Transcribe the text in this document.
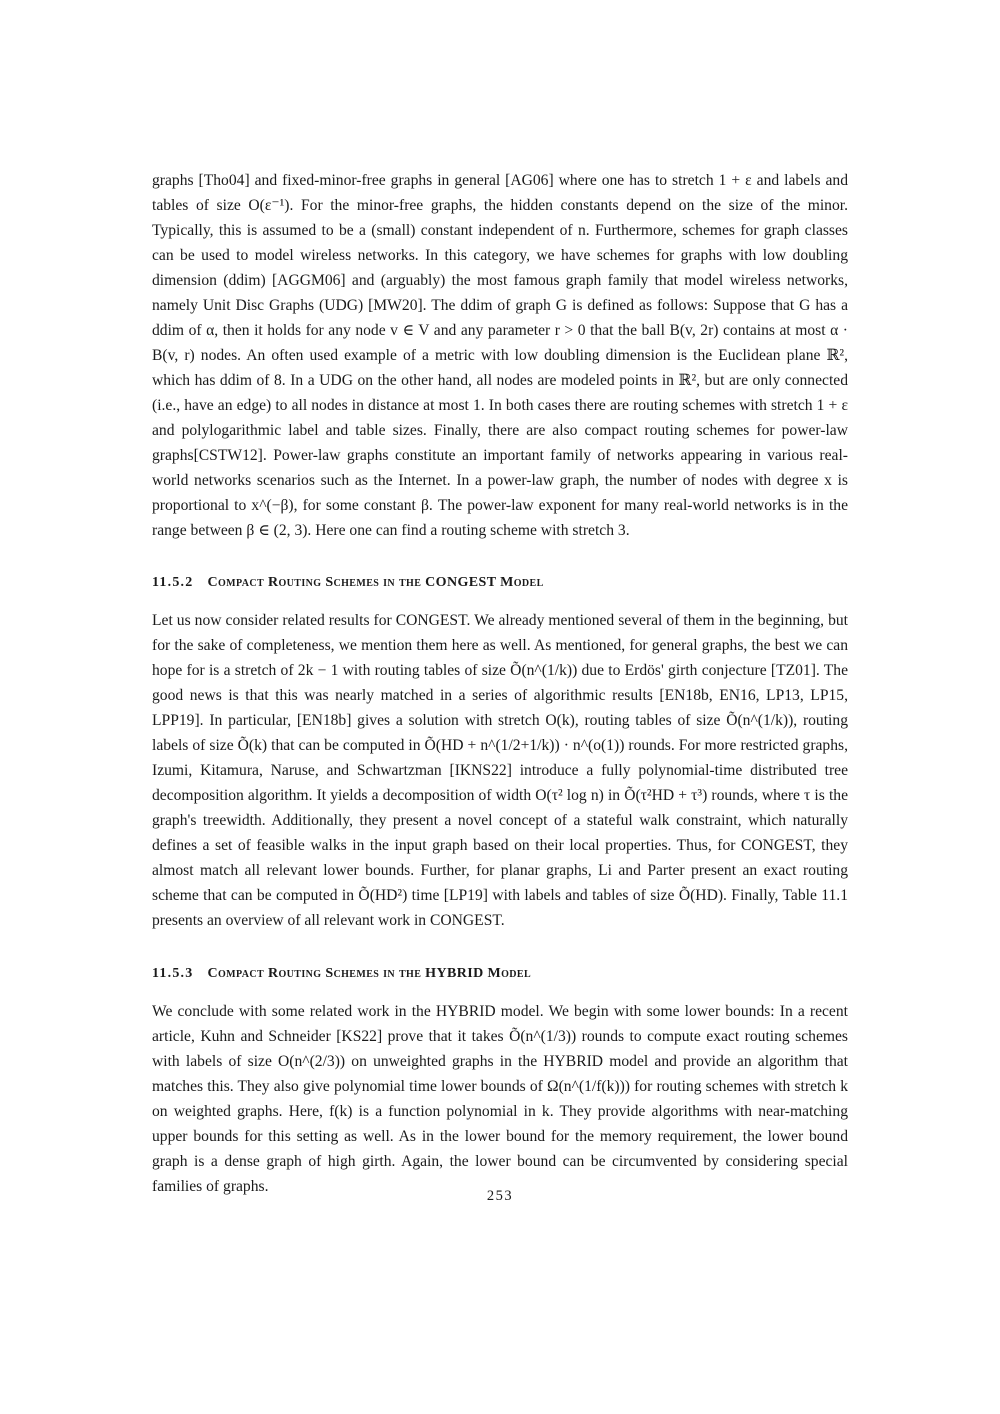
graphs [Tho04] and fixed-minor-free graphs in general [AG06] where one has to stretch 1 + ε and labels and tables of size O(ε⁻¹). For the minor-free graphs, the hidden constants depend on the size of the minor. Typically, this is assumed to be a (small) constant independent of n. Furthermore, schemes for graph classes can be used to model wireless networks. In this category, we have schemes for graphs with low doubling dimension (ddim) [AGGM06] and (arguably) the most famous graph family that model wireless networks, namely Unit Disc Graphs (UDG) [MW20]. The ddim of graph G is defined as follows: Suppose that G has a ddim of α, then it holds for any node v ∈ V and any parameter r > 0 that the ball B(v, 2r) contains at most α · B(v, r) nodes. An often used example of a metric with low doubling dimension is the Euclidean plane ℝ², which has ddim of 8. In a UDG on the other hand, all nodes are modeled points in ℝ², but are only connected (i.e., have an edge) to all nodes in distance at most 1. In both cases there are routing schemes with stretch 1 + ε and polylogarithmic label and table sizes. Finally, there are also compact routing schemes for power-law graphs[CSTW12]. Power-law graphs constitute an important family of networks appearing in various real-world networks scenarios such as the Internet. In a power-law graph, the number of nodes with degree x is proportional to x^(−β), for some constant β. The power-law exponent for many real-world networks is in the range between β ∈ (2, 3). Here one can find a routing scheme with stretch 3.

11.5.2 Compact Routing Schemes in the CONGEST Model

Let us now consider related results for CONGEST. We already mentioned several of them in the beginning, but for the sake of completeness, we mention them here as well. As mentioned, for general graphs, the best we can hope for is a stretch of 2k − 1 with routing tables of size Õ(n^(1/k)) due to Erdös' girth conjecture [TZ01]. The good news is that this was nearly matched in a series of algorithmic results [EN18b, EN16, LP13, LP15, LPP19]. In particular, [EN18b] gives a solution with stretch O(k), routing tables of size Õ(n^(1/k)), routing labels of size Õ(k) that can be computed in Õ(HD + n^(1/2+1/k)) · n^(o(1)) rounds. For more restricted graphs, Izumi, Kitamura, Naruse, and Schwartzman [IKNS22] introduce a fully polynomial-time distributed tree decomposition algorithm. It yields a decomposition of width O(τ² log n) in Õ(τ²HD + τ³) rounds, where τ is the graph's treewidth. Additionally, they present a novel concept of a stateful walk constraint, which naturally defines a set of feasible walks in the input graph based on their local properties. Thus, for CONGEST, they almost match all relevant lower bounds. Further, for planar graphs, Li and Parter present an exact routing scheme that can be computed in Õ(HD²) time [LP19] with labels and tables of size Õ(HD). Finally, Table 11.1 presents an overview of all relevant work in CONGEST.

11.5.3 Compact Routing Schemes in the HYBRID Model

We conclude with some related work in the HYBRID model. We begin with some lower bounds: In a recent article, Kuhn and Schneider [KS22] prove that it takes Õ(n^(1/3)) rounds to compute exact routing schemes with labels of size O(n^(2/3)) on unweighted graphs in the HYBRID model and provide an algorithm that matches this. They also give polynomial time lower bounds of Ω(n^(1/f(k))) for routing schemes with stretch k on weighted graphs. Here, f(k) is a function polynomial in k. They provide algorithms with near-matching upper bounds for this setting as well. As in the lower bound for the memory requirement, the lower bound graph is a dense graph of high girth. Again, the lower bound can be circumvented by considering special families of graphs.

253
